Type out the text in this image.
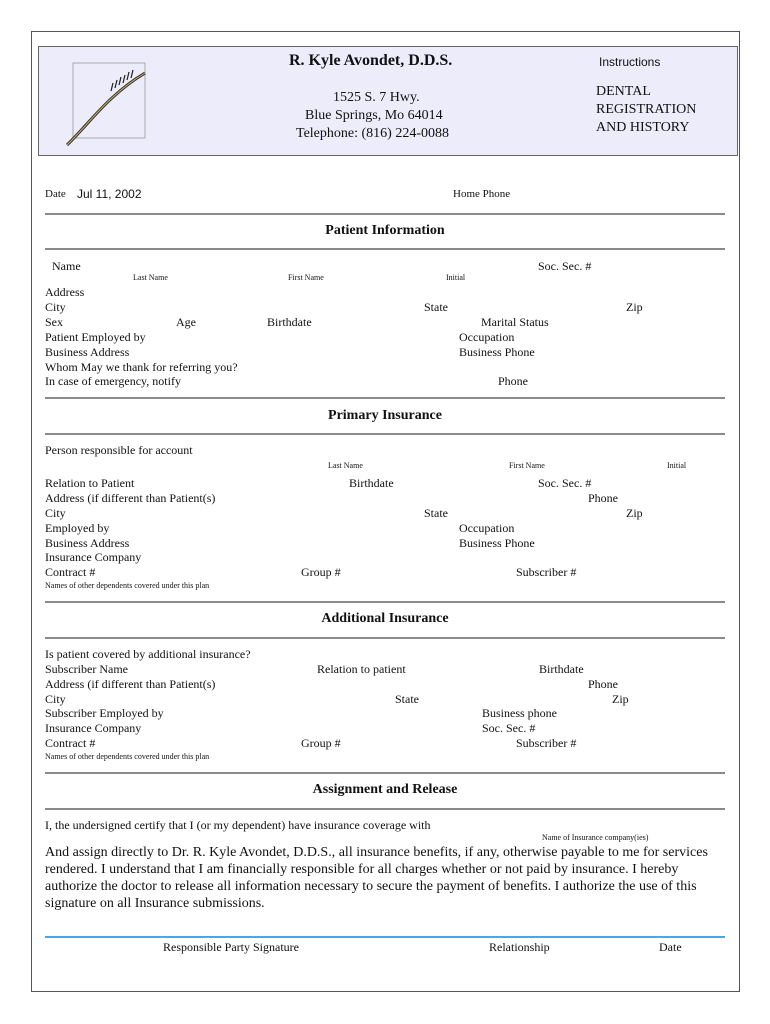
R. Kyle Avondet, D.D.S.
1525 S. 7 Hwy.
Blue Springs, Mo 64014
Telephone: (816) 224-0088
Instructions
DENTAL
REGISTRATION
AND HISTORY
Date Jul 11, 2002	Home Phone
Patient Information
Name	Soc. Sec. #
Last Name	First Name	Initial
Address
City	State	Zip
Sex	Age	Birthdate	Marital Status
Patient Employed by	Occupation
Business Address	Business Phone
Whom May we thank for referring you?
In case of emergency, notify	Phone
Primary Insurance
Person responsible for account
Last Name	First Name	Initial
Relation to Patient	Birthdate	Soc. Sec. #
Address (if different than Patient(s)	Phone
City	State	Zip
Employed by	Occupation
Business Address	Business Phone
Insurance Company
Contract #	Group #	Subscriber #
Names of other dependents covered under this plan
Additional Insurance
Is patient covered by additional insurance?
Subscriber Name	Relation to patient	Birthdate
Address (if different than Patient(s)	Phone
City	State	Zip
Subscriber Employed by	Business phone
Insurance Company	Soc. Sec. #
Contract #	Group #	Subscriber #
Names of other dependents covered under this plan
Assignment and Release
I, the undersigned certify that I (or my dependent) have insurance coverage with
Name of Insurance company(ies)
And assign directly to Dr. R. Kyle Avondet, D.D.S., all insurance benefits, if any, otherwise payable to me for services rendered. I understand that I am financially responsible for all charges whether or not paid by insurance. I hereby authorize the doctor to release all information necessary to secure the payment of benefits. I authorize the use of this signature on all Insurance submissions.
Responsible Party Signature	Relationship	Date
